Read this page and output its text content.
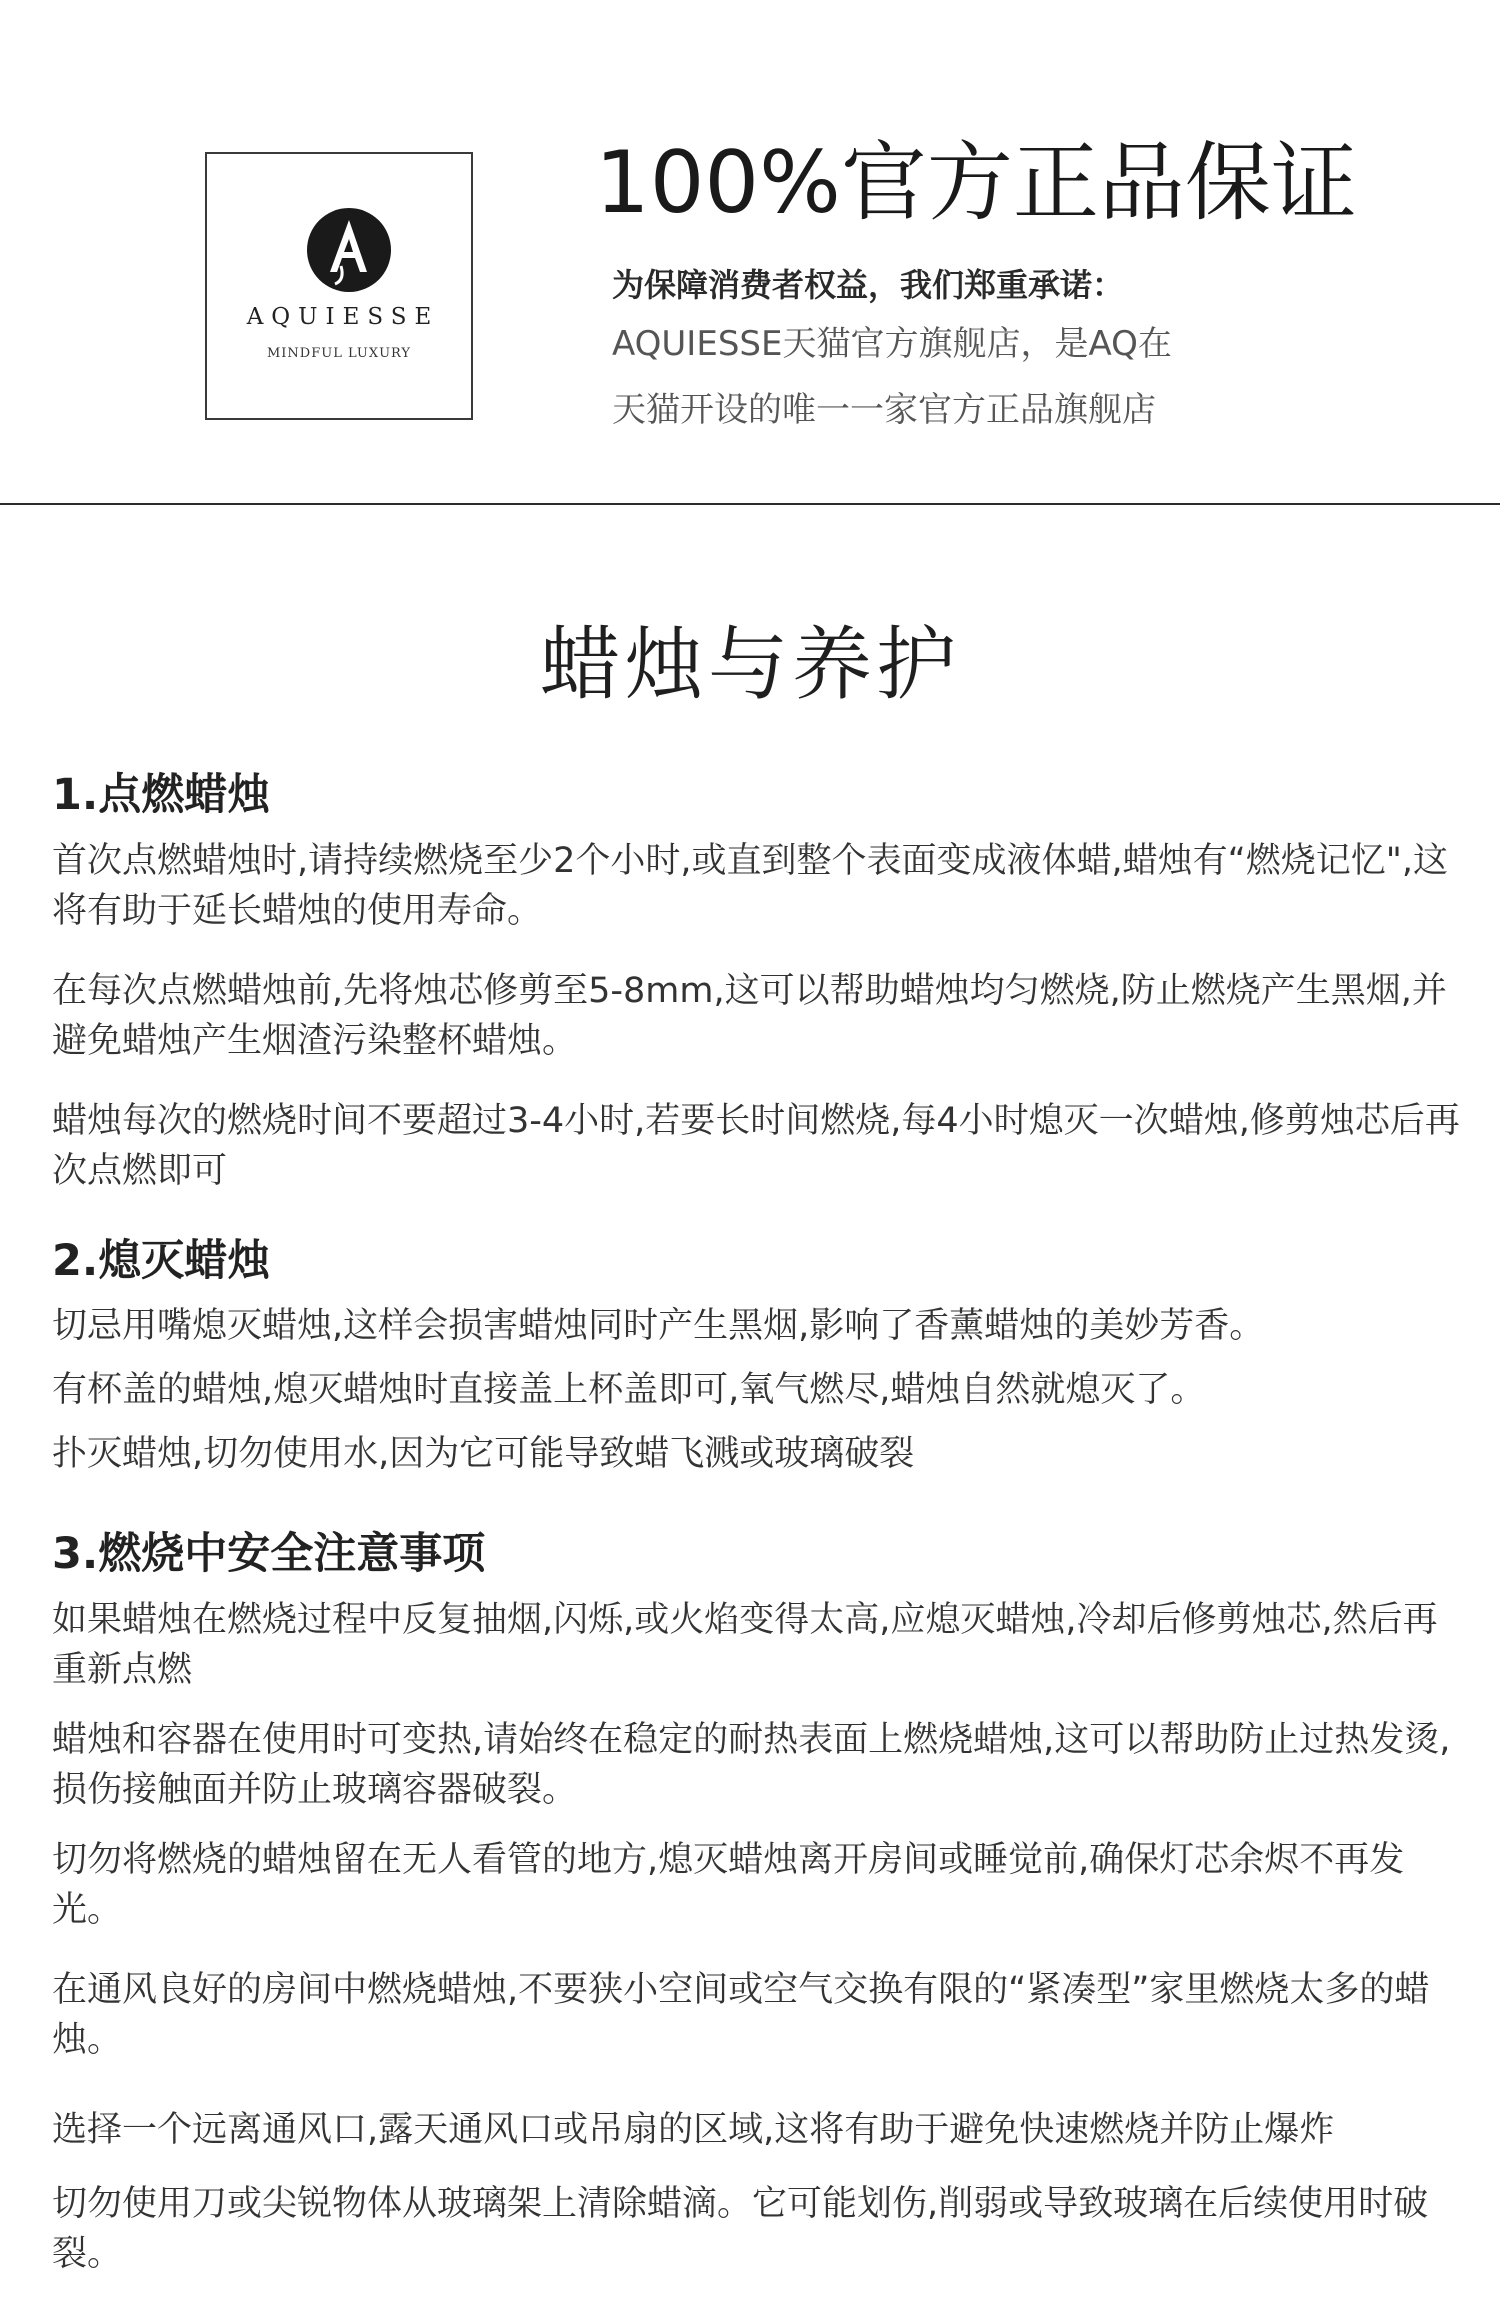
AQUIESSE
MINDFUL LUXURY
100%官方正品保证
为保障消费者权益，我们郑重承诺：
AQUIESSE天猫官方旗舰店，是AQ在
天猫开设的唯一一家官方正品旗舰店
蜡烛与养护
1.点燃蜡烛
首次点燃蜡烛时,请持续燃烧至少2个小时,或直到整个表面变成液体蜡,蜡烛有“燃烧记忆",这将有助于延长蜡烛的使用寿命。
在每次点燃蜡烛前,先将烛芯修剪至5-8mm,这可以帮助蜡烛均匀燃烧,防止燃烧产生黑烟,并避免蜡烛产生烟渣污染整杯蜡烛。
蜡烛每次的燃烧时间不要超过3-4小时,若要长时间燃烧,每4小时熄灭一次蜡烛,修剪烛芯后再次点燃即可
2.熄灭蜡烛
切忌用嘴熄灭蜡烛,这样会损害蜡烛同时产生黑烟,影响了香薰蜡烛的美妙芳香。
有杯盖的蜡烛,熄灭蜡烛时直接盖上杯盖即可,氧气燃尽,蜡烛自然就熄灭了。
扑灭蜡烛,切勿使用水,因为它可能导致蜡飞溅或玻璃破裂
3.燃烧中安全注意事项
如果蜡烛在燃烧过程中反复抽烟,闪烁,或火焰变得太高,应熄灭蜡烛,冷却后修剪烛芯,然后再重新点燃
蜡烛和容器在使用时可变热,请始终在稳定的耐热表面上燃烧蜡烛,这可以帮助防止过热发烫,损伤接触面并防止玻璃容器破裂。
切勿将燃烧的蜡烛留在无人看管的地方,熄灭蜡烛离开房间或睡觉前,确保灯芯余烬不再发光。
在通风良好的房间中燃烧蜡烛,不要狭小空间或空气交换有限的“紧凑型”家里燃烧太多的蜡烛。
选择一个远离通风口,露天通风口或吊扇的区域,这将有助于避免快速燃烧并防止爆炸
切勿使用刀或尖锐物体从玻璃架上清除蜡滴。它可能划伤,削弱或导致玻璃在后续使用时破裂。
